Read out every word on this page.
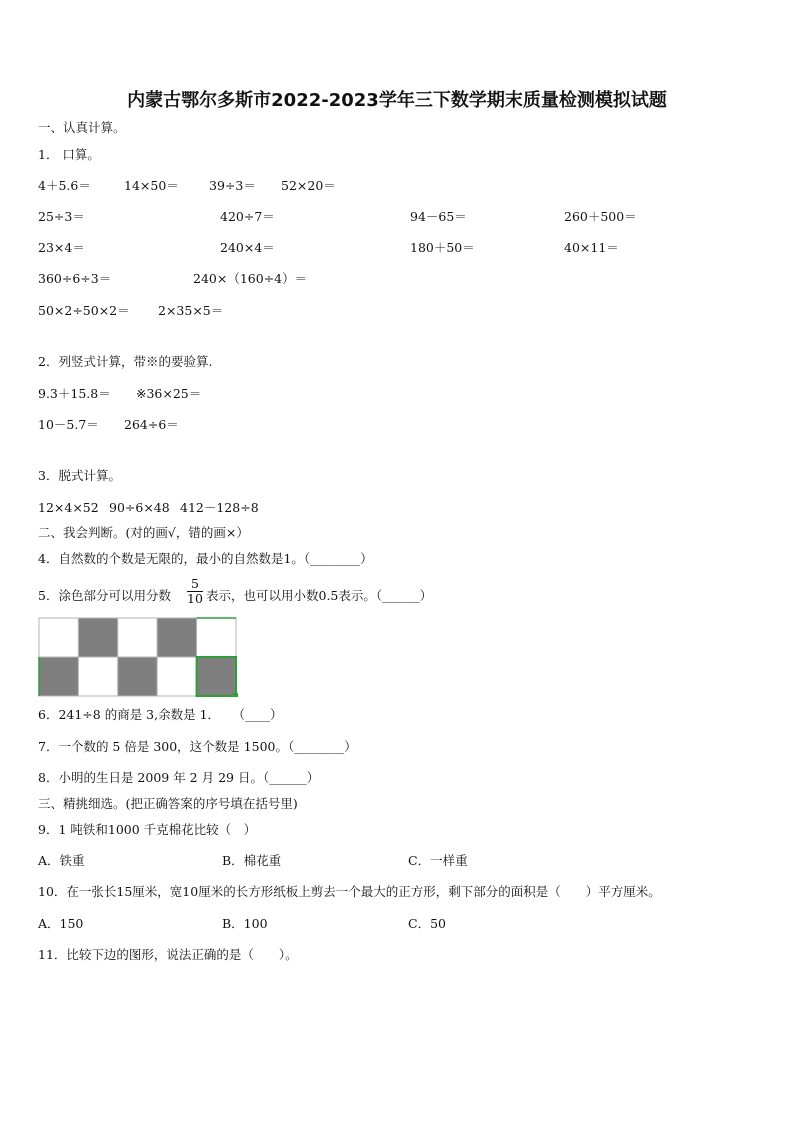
内蒙古鄂尔多斯市2022-2023学年三下数学期末质量检测模拟试题
一、认真计算。
1． 口算。
4＋5.6＝	14×50＝ 39÷3＝ 52×20＝
25÷3＝	420÷7＝	94－65＝	260＋500＝
23×4＝	240×4＝	180＋50＝	40×11＝
360÷6÷3＝	240×（160÷4）＝
50×2÷50×2＝ 2×35×5＝
2．列竖式计算，带※的要验算.
9.3＋15.8＝ ※36×25＝
10－5.7＝ 264÷6＝
3．脱式计算。
12×4×52 90÷6×48 412－128÷8
二、我会判断。(对的画√，错的画×）
4．自然数的个数是无限的，最小的自然数是1。（________）
5．涂色部分可以用分数 $\frac{5}{10}$ 表示，也可以用小数0.5表示。（______）
6．241÷8 的商是 3,余数是 1．　　（____）
7．一个数的 5 倍是 300，这个数是 1500。（________）
8．小明的生日是 2009 年 2 月 29 日。（______）
三、精挑细选。(把正确答案的序号填在括号里)
9．1 吨铁和1000 千克棉花比较（　）
A．铁重	B．棉花重	C．一样重
10．在一张长15厘米，宽10厘米的长方形纸板上剪去一个最大的正方形，剩下部分的面积是（　　）平方厘米。
A．150	B．100	C．50
11．比较下边的图形，说法正确的是（　　）。
